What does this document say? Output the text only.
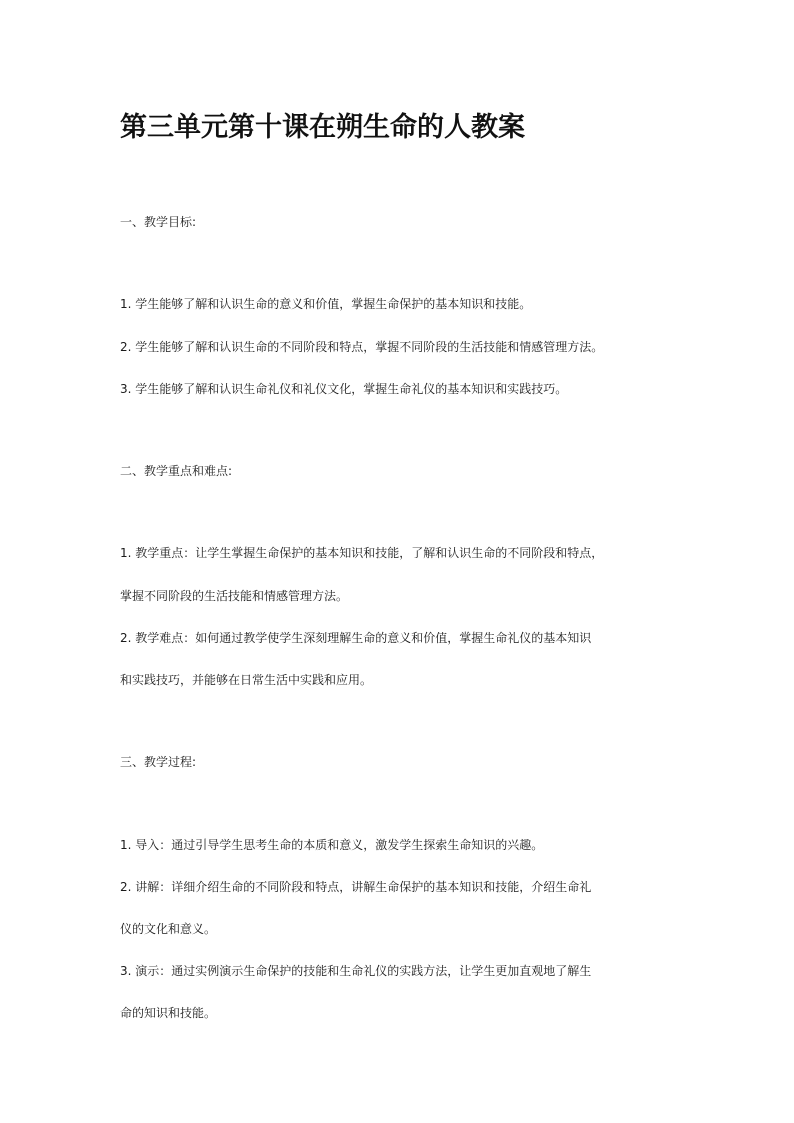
第三单元第十课在朔生命的人教案
一、教学目标:
1. 学生能够了解和认识生命的意义和价值，掌握生命保护的基本知识和技能。
2. 学生能够了解和认识生命的不同阶段和特点，掌握不同阶段的生活技能和情感管理方法。
3. 学生能够了解和认识生命礼仪和礼仪文化，掌握生命礼仪的基本知识和实践技巧。
二、教学重点和难点:
1. 教学重点：让学生掌握生命保护的基本知识和技能，了解和认识生命的不同阶段和特点，
掌握不同阶段的生活技能和情感管理方法。
2. 教学难点：如何通过教学使学生深刻理解生命的意义和价值，掌握生命礼仪的基本知识
和实践技巧，并能够在日常生活中实践和应用。
三、教学过程:
1. 导入：通过引导学生思考生命的本质和意义，激发学生探索生命知识的兴趣。
2. 讲解：详细介绍生命的不同阶段和特点，讲解生命保护的基本知识和技能，介绍生命礼
仪的文化和意义。
3. 演示：通过实例演示生命保护的技能和生命礼仪的实践方法，让学生更加直观地了解生
命的知识和技能。
